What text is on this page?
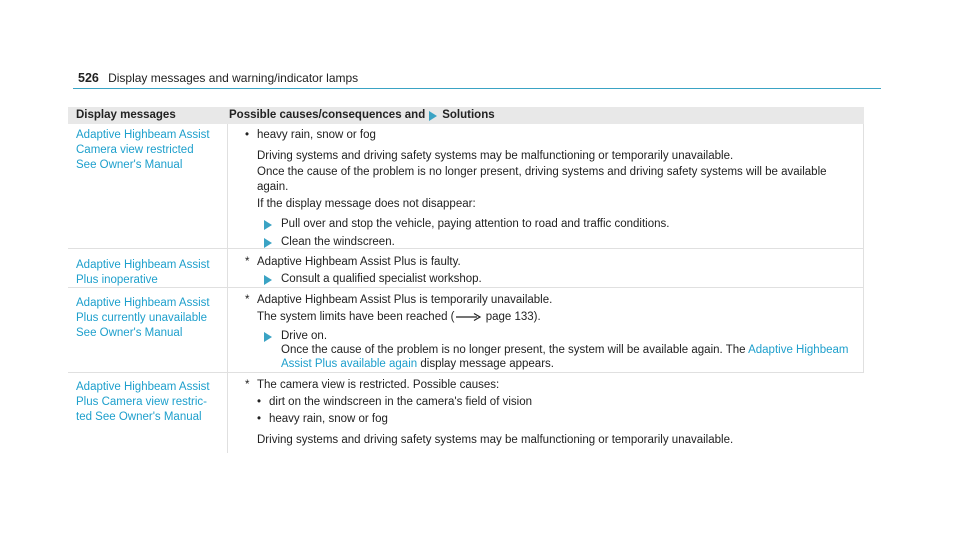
526 Display messages and warning/indicator lamps
Display messages	Possible causes/consequences and Solutions
Adaptive Highbeam Assist
Camera view restricted
See Owner's Manual
• heavy rain, snow or fog
Driving systems and driving safety systems may be malfunctioning or temporarily unavailable.
Once the cause of the problem is no longer present, driving systems and driving safety systems will be available
again.
If the display message does not disappear:
Pull over and stop the vehicle, paying attention to road and traffic conditions.
Clean the windscreen.
Adaptive Highbeam Assist
Plus inoperative
* Adaptive Highbeam Assist Plus is faulty.
Consult a qualified specialist workshop.
Adaptive Highbeam Assist
Plus currently unavailable
See Owner's Manual
* Adaptive Highbeam Assist Plus is temporarily unavailable.
The system limits have been reached (	page 133).
Drive on.
Once the cause of the problem is no longer present, the system will be available again. The Adaptive Highbeam
Assist Plus available again display message appears.
Adaptive Highbeam Assist
Plus Camera view restric-
ted See Owner's Manual
* The camera view is restricted. Possible causes:
• dirt on the windscreen in the camera's field of vision
• heavy rain, snow or fog
Driving systems and driving safety systems may be malfunctioning or temporarily unavailable.
